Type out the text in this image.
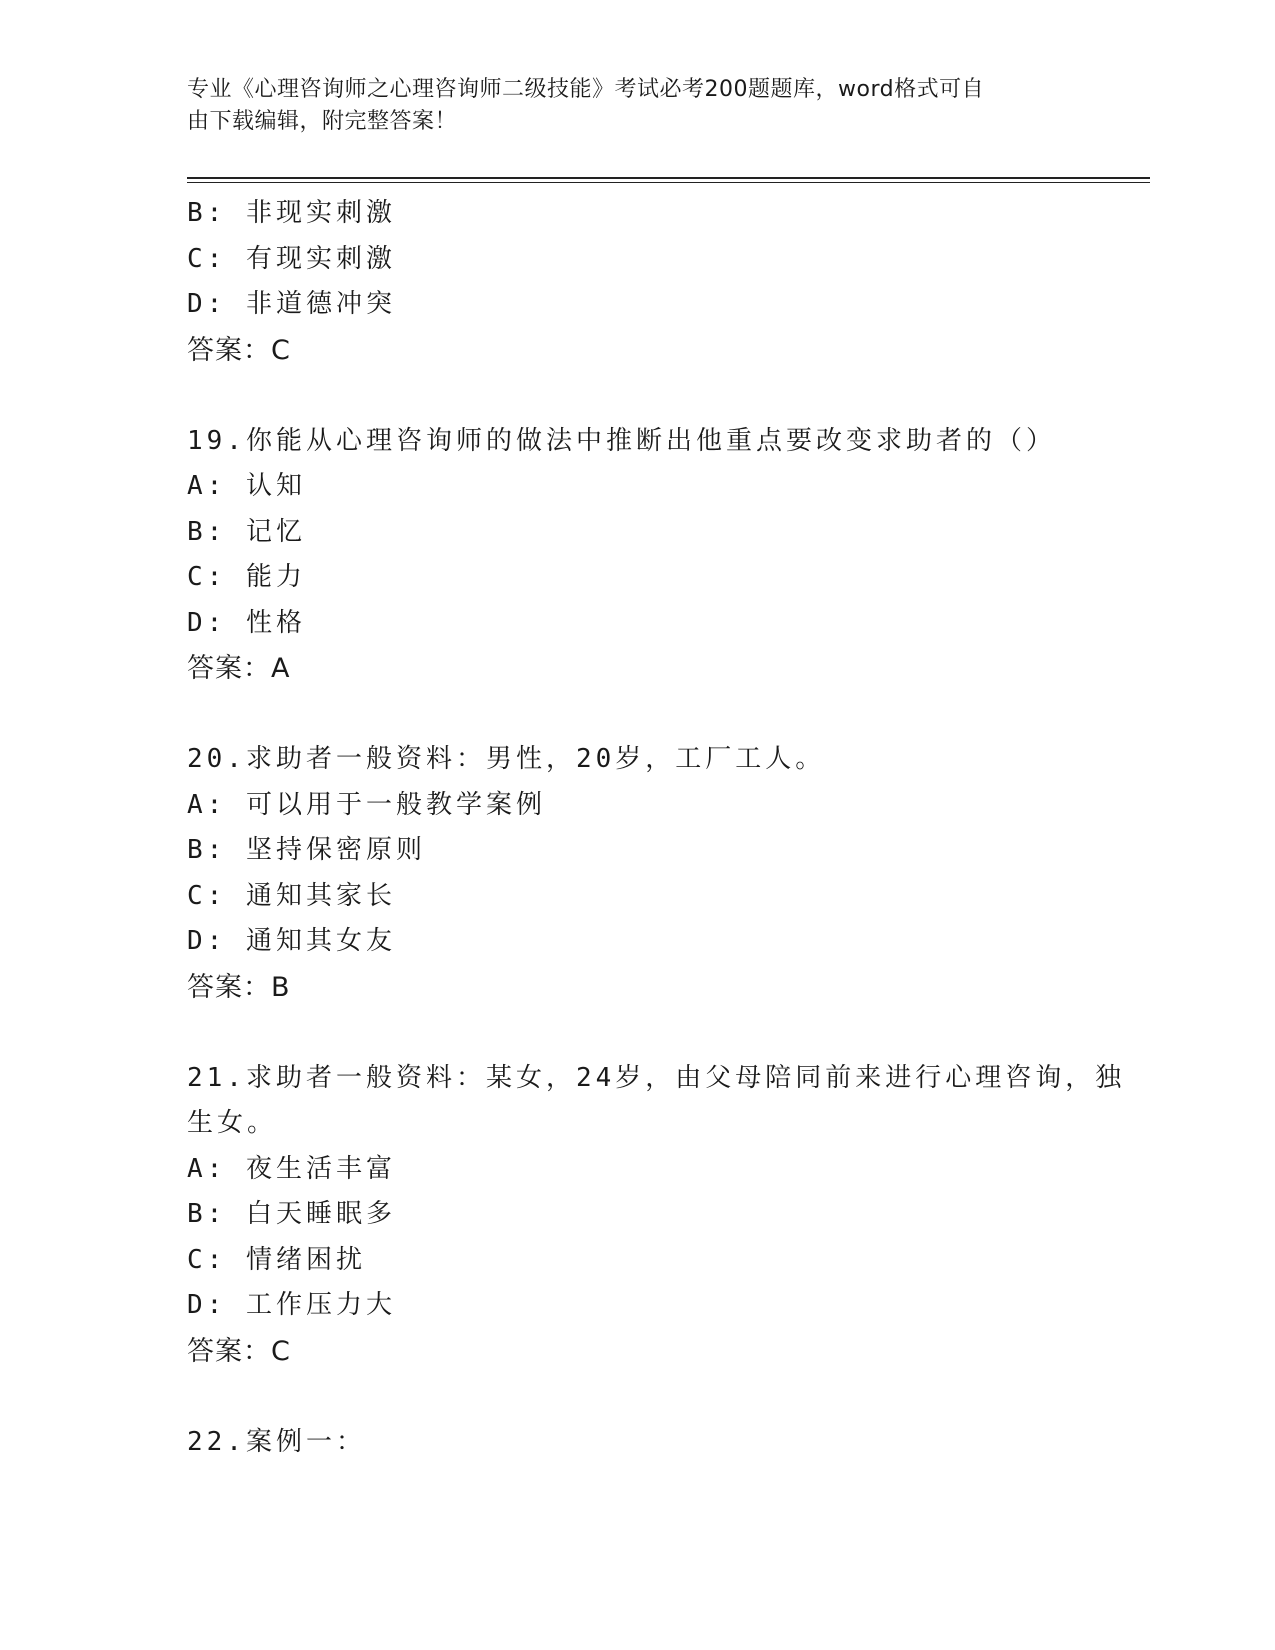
专业《心理咨询师之心理咨询师二级技能》考试必考200题题库，word格式可自
由下载编辑，附完整答案！
B: 非现实刺激
C: 有现实刺激
D: 非道德冲突
答案：C
19.你能从心理咨询师的做法中推断出他重点要改变求助者的（）
A: 认知
B: 记忆
C: 能力
D: 性格
答案：A
20.求助者一般资料：男性，20岁，工厂工人。
A: 可以用于一般教学案例
B: 坚持保密原则
C: 通知其家长
D: 通知其女友
答案：B
21.求助者一般资料：某女，24岁，由父母陪同前来进行心理咨询，独
生女。
A: 夜生活丰富
B: 白天睡眠多
C: 情绪困扰
D: 工作压力大
答案：C
22.案例一：
